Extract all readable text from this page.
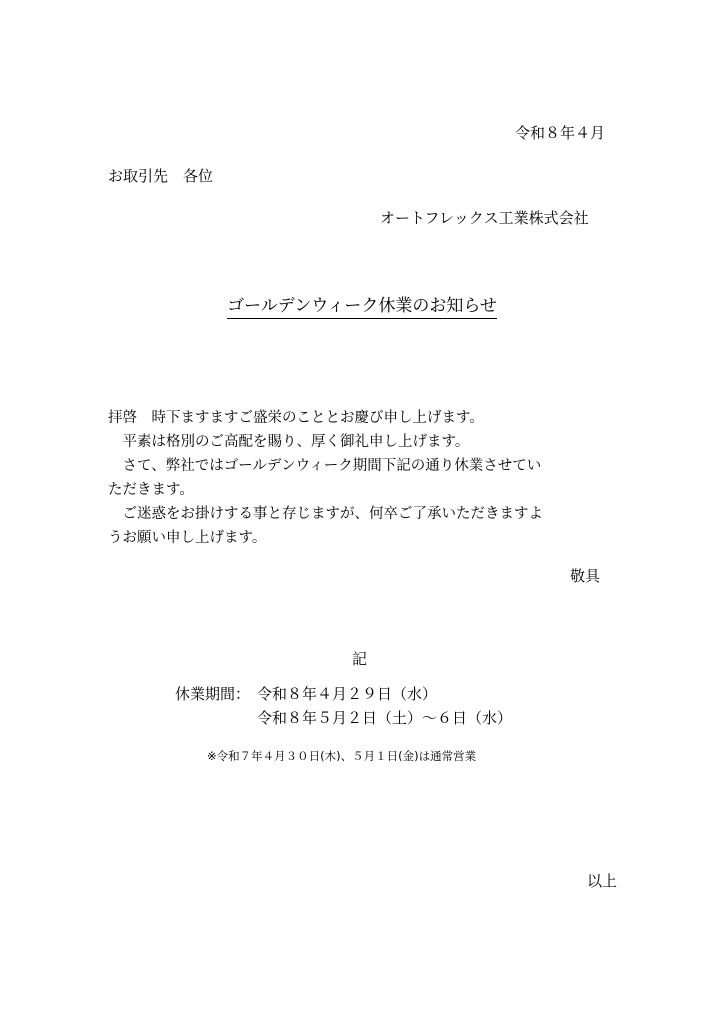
令和８年４月
お取引先　各位
オートフレックス工業株式会社
ゴールデンウィーク休業のお知らせ

拝啓　時下ますますご盛栄のこととお慶び申し上げます。

　平素は格別のご高配を賜り、厚く御礼申し上げます。

　さて、弊社ではゴールデンウィーク期間下記の通り休業させてい

ただきます。

　ご迷惑をお掛けする事と存じますが、何卒ご了承いただきますよ

うお願い申し上げます。

敬具
記
休業期間： 令和８年４月２９日（水）
令和８年５月２日（土）～６日（水）
※令和７年４月３０日(木)、５月１日(金)は通常営業
以上
